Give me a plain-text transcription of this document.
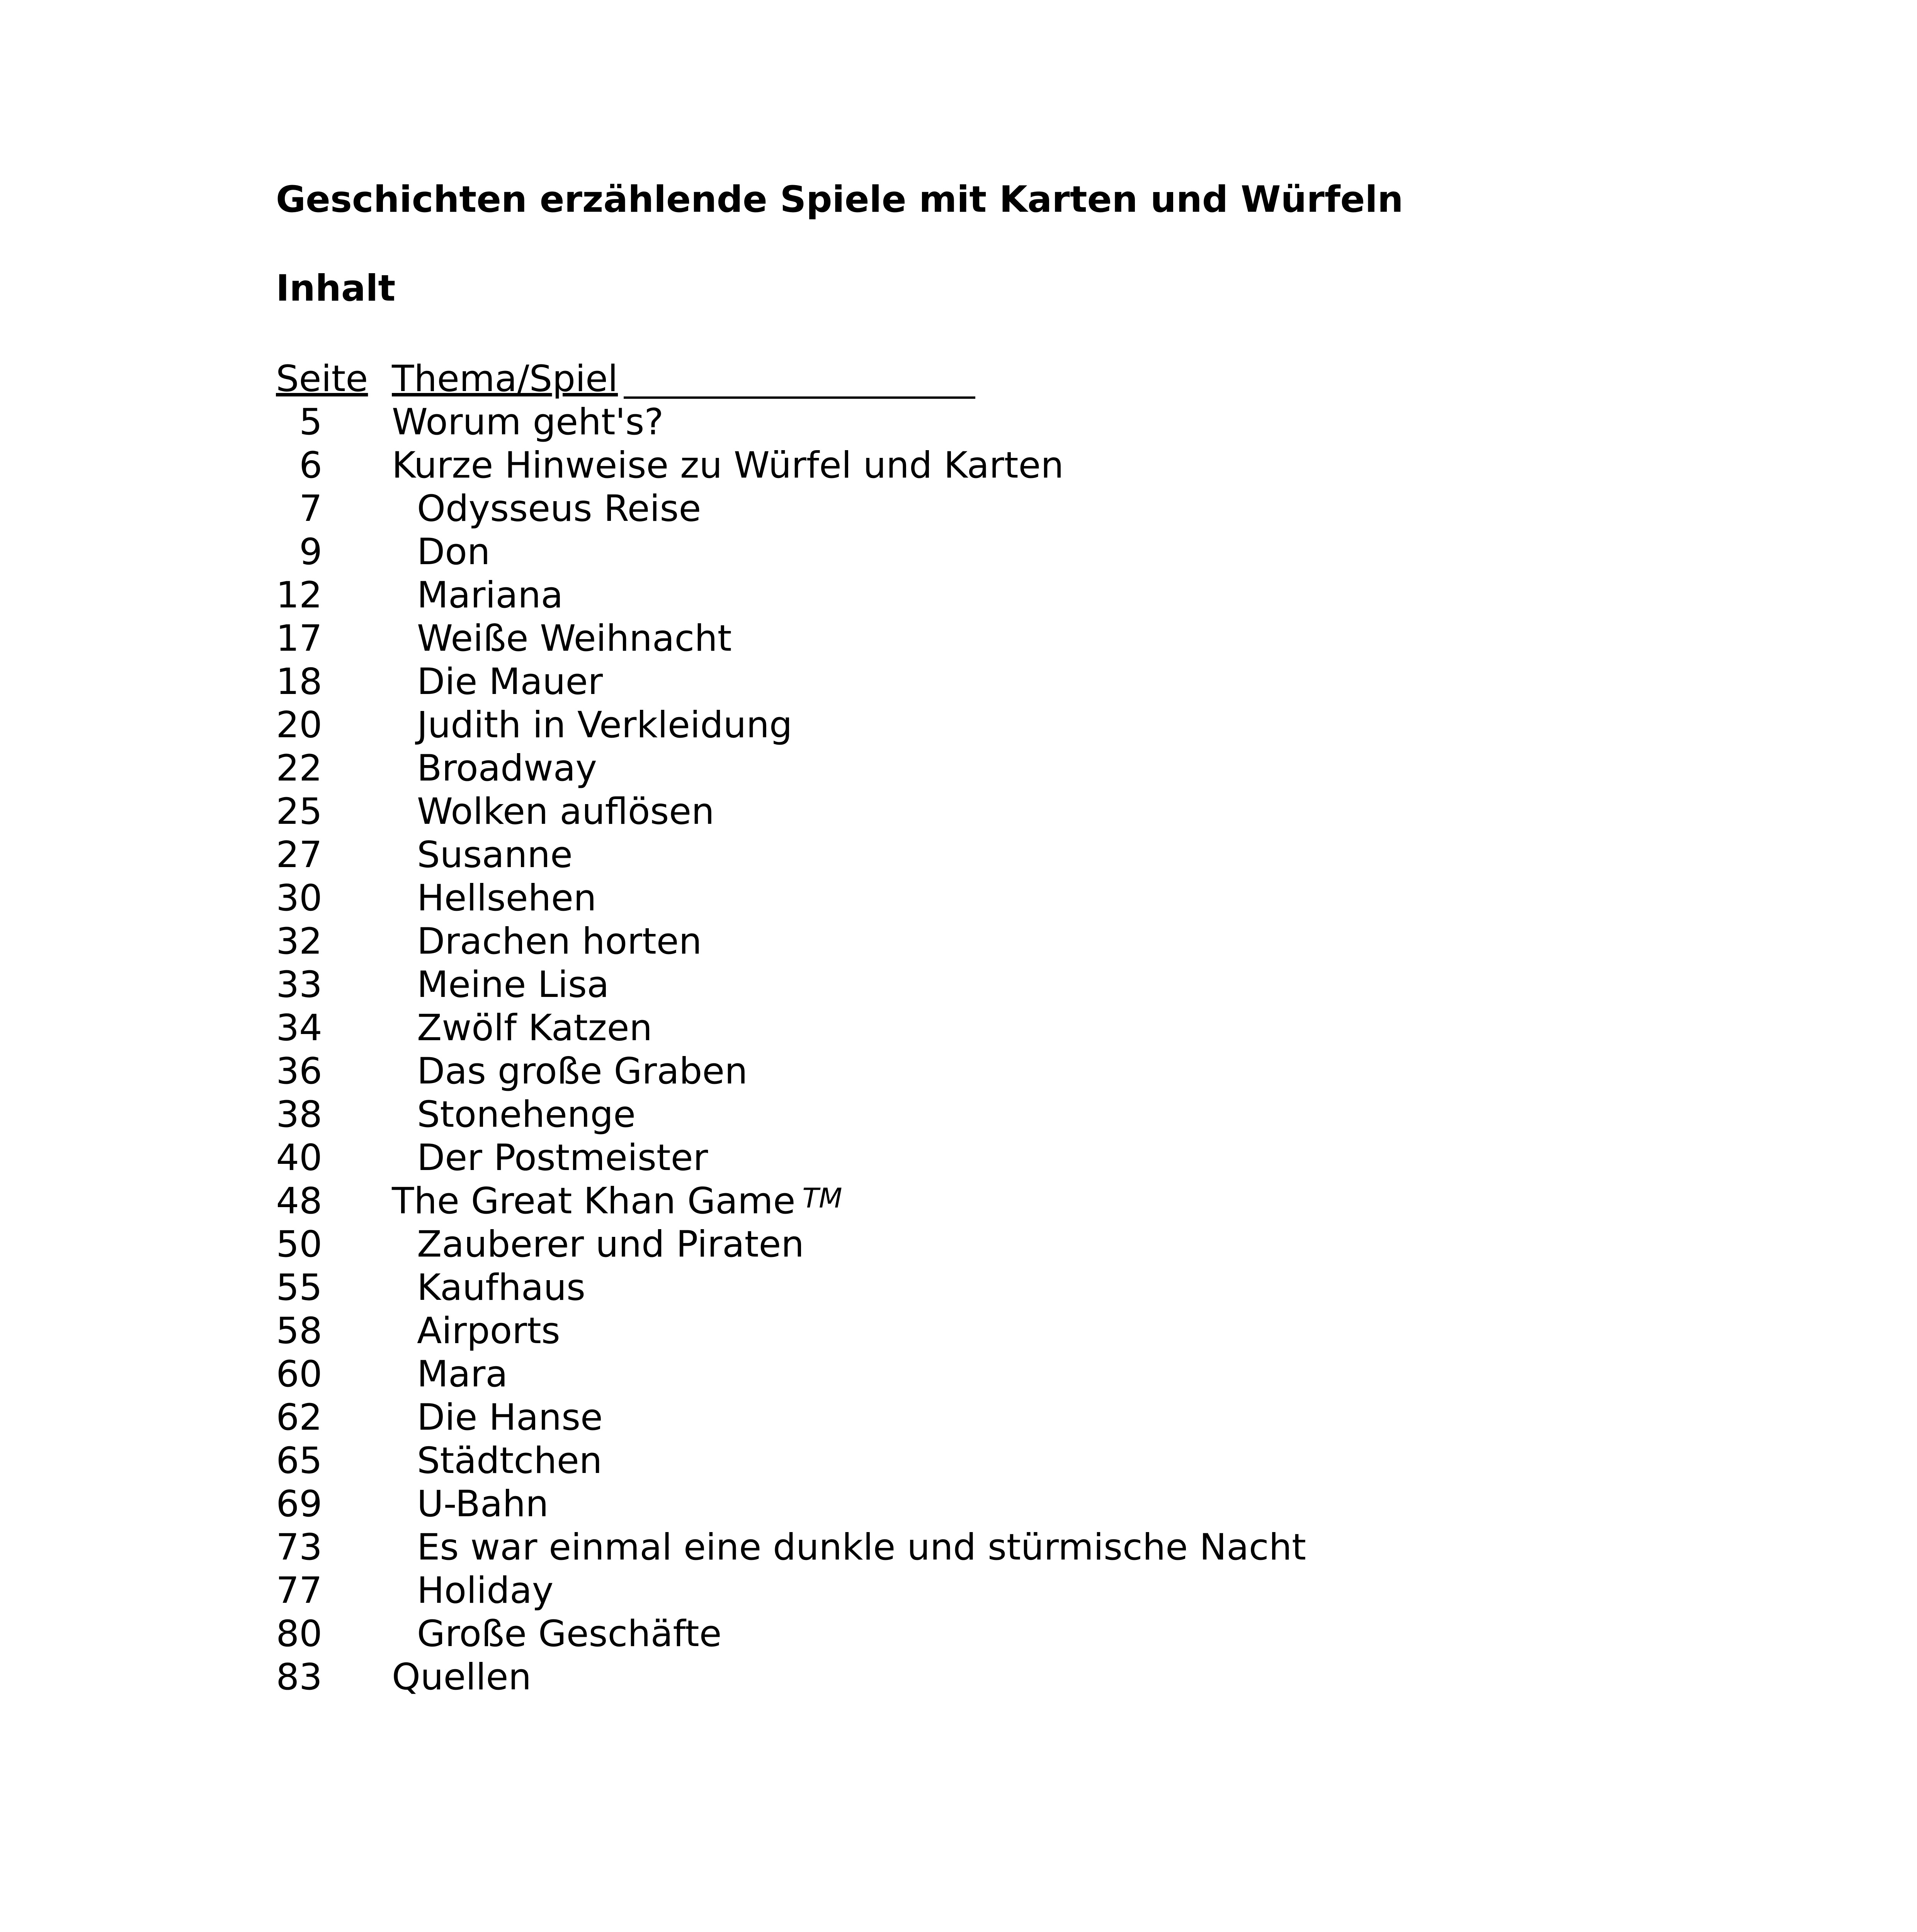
Geschichten erzählende Spiele mit Karten und Würfeln
Inhalt
Seite Thema/Spiel
5 Worum geht's?
6 Kurze Hinweise zu Würfel und Karten
7	Odysseus Reise
9	Don
12	Mariana
17	Weiße Weihnacht
18	Die Mauer
20	Judith in Verkleidung
22	Broadway
25	Wolken auflösen
27	Susanne
30	Hellsehen
32	Drachen horten
33	Meine Lisa
34	Zwölf Katzen
36	Das große Graben
38	Stonehenge
40	Der Postmeister
48 The Great Khan Game ™
50	Zauberer und Piraten
55	Kaufhaus
58	Airports
60	Mara
62	Die Hanse
65	Städtchen
69	U-Bahn
73	Es war einmal eine dunkle und stürmische Nacht
77	Holiday
80	Große Geschäfte
83 Quellen
